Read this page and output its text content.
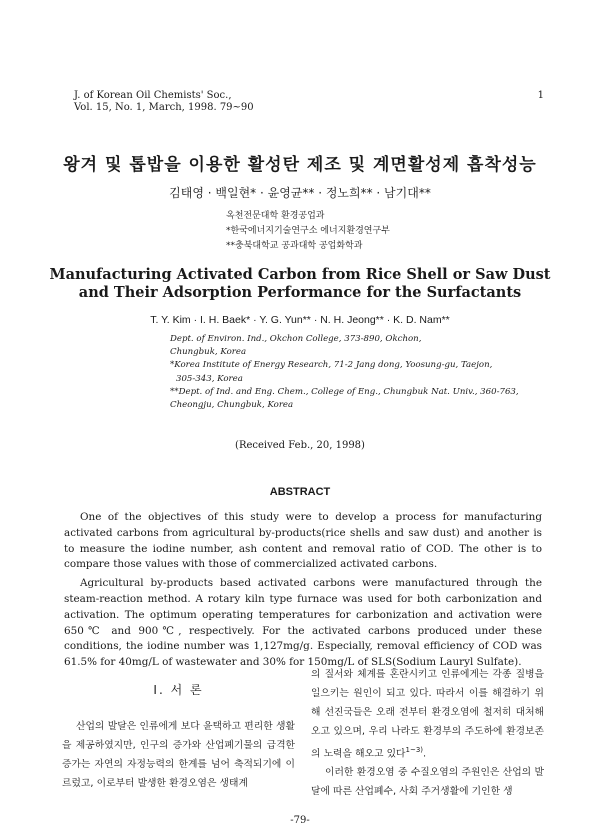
J. of Korean Oil Chemists' Soc.,
Vol. 15, No. 1, March, 1998. 79~90
1
왕겨 및 톱밥을 이용한 활성탄 제조 및 계면활성제 흡착성능
김태영 · 백일현* · 윤영균** · 정노희** · 남기대**
옥천전문대학 환경공업과
*한국에너지기술연구소 에너지환경연구부
**충북대학교 공과대학 공업화학과
Manufacturing Activated Carbon from Rice Shell or Saw Dust
and Their Adsorption Performance for the Surfactants
T. Y. Kim · I. H. Baek* · Y. G. Yun** · N. H. Jeong** · K. D. Nam**
Dept. of Environ. Ind., Okchon College, 373-890, Okchon,
Chungbuk, Korea
*Korea Institute of Energy Research, 71-2 Jang dong, Yoosung-gu, Taejon,
305-343, Korea
**Dept. of Ind. and Eng. Chem., College of Eng., Chungbuk Nat. Univ., 360-763,
Cheongju, Chungbuk, Korea
(Received Feb., 20, 1998)
ABSTRACT

One of the objectives of this study were to develop a process for manufacturing activated carbons from agricultural by-products(rice shells and saw dust) and another is to measure the iodine number, ash content and removal ratio of COD. The other is to compare those values with those of commercialized activated carbons.

Agricultural by-products based activated carbons were manufactured through the steam-reaction method. A rotary kiln type furnace was used for both carbonization and activation. The optimum operating temperatures for carbonization and activation were 650℃ and 900℃, respectively. For the activated carbons produced under these conditions, the iodine number was 1,127mg/g. Especially, removal efficiency of COD was 61.5% for 40mg/L of wastewater and 30% for 150mg/L of SLS(Sodium Lauryl Sulfate).

I. 서 론

산업의 발달은 인류에게 보다 윤택하고 편리한 생활을 제공하였지만, 인구의 증가와 산업폐기물의 급격한 증가는 자연의 자정능력의 한계를 넘어 축적되기에 이르렀고, 이로부터 발생한 환경오염은 생태계

의 질서와 체계를 혼란시키고 인류에게는 각종 질병을 일으키는 원인이 되고 있다. 따라서 이를 해결하기 위해 선진국들은 오래 전부터 환경오염에 철저히 대처해 오고 있으며, 우리 나라도 환경부의 주도하에 환경보존의 노력을 해오고 있다$^{1\sim 3)}$.

이러한 환경오염 중 수질오염의 주원인은 산업의 발달에 따른 산업폐수, 사회 주거생활에 기인한 생

-79-
